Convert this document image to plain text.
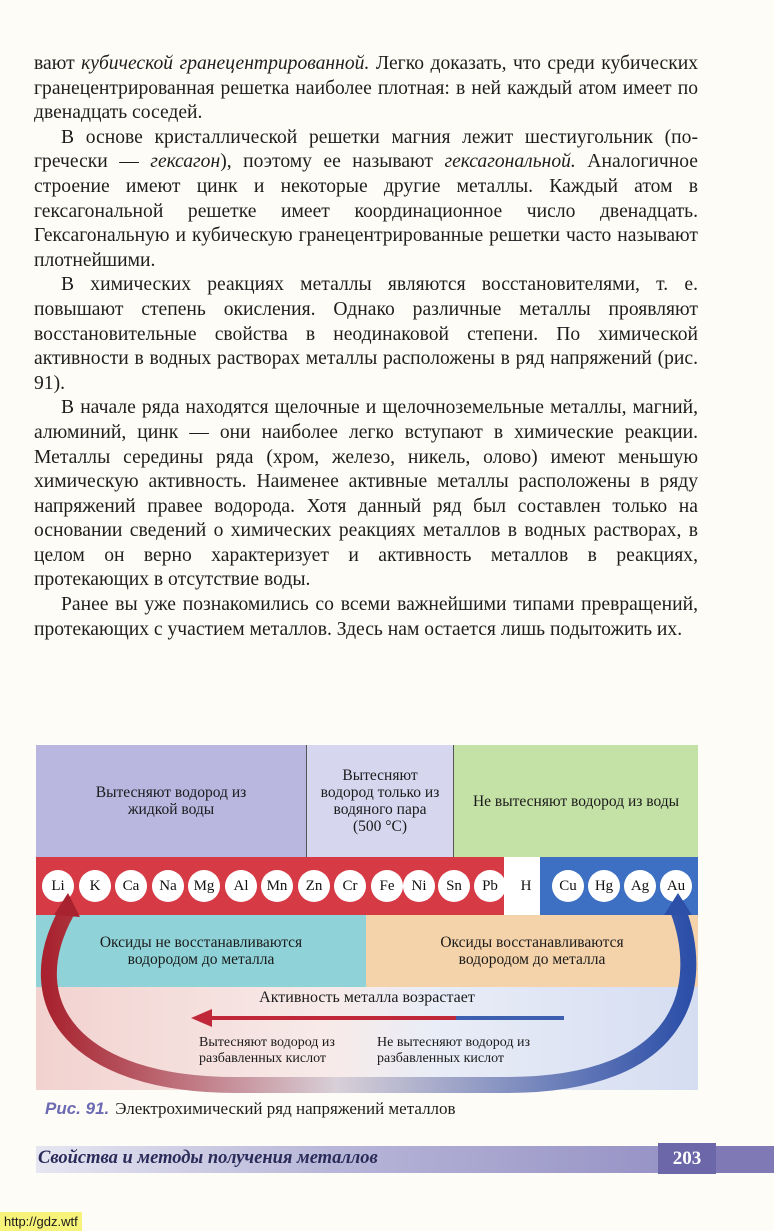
вают кубической гранецентрированной. Легко доказать, что среди кубических гранецентрированная решетка наиболее плотная: в ней каждый атом имеет по двенадцать соседей.

В основе кристаллической решетки магния лежит шестиугольник (по-гречески — гексагон), поэтому ее называют гексагональной. Аналогичное строение имеют цинк и некоторые другие металлы. Каждый атом в гексагональной решетке имеет координационное число двенадцать. Гексагональную и кубическую гранецентрированные решетки часто называют плотнейшими.

В химических реакциях металлы являются восстановителями, т. е. повышают степень окисления. Однако различные металлы проявляют восстановительные свойства в неодинаковой степени. По химической активности в водных растворах металлы расположены в ряд напряжений (рис. 91).

В начале ряда находятся щелочные и щелочноземельные металлы, магний, алюминий, цинк — они наиболее легко вступают в химические реакции. Металлы середины ряда (хром, железо, никель, олово) имеют меньшую химическую активность. Наименее активные металлы расположены в ряду напряжений правее водорода. Хотя данный ряд был составлен только на основании сведений о химических реакциях металлов в водных растворах, в целом он верно характеризует и активность металлов в реакциях, протекающих в отсутствие воды.

Ранее вы уже познакомились со всеми важнейшими типами превращений, протекающих с участием металлов. Здесь нам остается лишь подытожить их.

Вытесняют водород из жидкой воды
Вытесняют водород только из водяного пара (500 °С)
Не вытесняют водород из воды
Li	K	Ca	Na	Mg	Al	Mn	Zn	Cr	Fe	Ni	Sn	Pb	H	Cu	Hg	Ag	Au
Оксиды не восстанавливаются водородом до металла
Оксиды восстанавливаются водородом до металла
Активность металла возрастает
Вытесняют водород из разбавленных кислот
Не вытесняют водород из разбавленных кислот
Рис. 91. Электрохимический ряд напряжений металлов
Свойства и методы получения металлов	203
http://gdz.wtf
